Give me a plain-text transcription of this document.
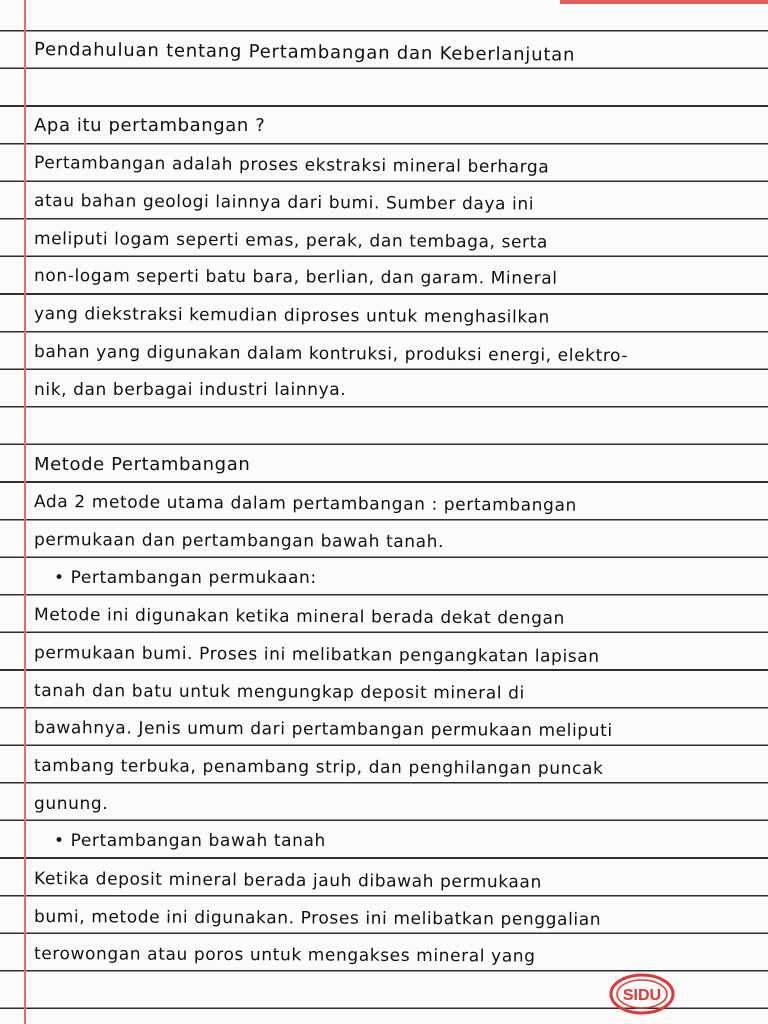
Pendahuluan tentang Pertambangan dan Keberlanjutan
Apa itu pertambangan ?
Pertambangan adalah proses ekstraksi mineral berharga
atau bahan geologi lainnya dari bumi. Sumber daya ini
meliputi logam seperti emas, perak, dan tembaga, serta
non-logam seperti batu bara, berlian, dan garam. Mineral
yang diekstraksi kemudian diproses untuk menghasilkan
bahan yang digunakan dalam kontruksi, produksi energi, elektro-
nik, dan berbagai industri lainnya.
Metode Pertambangan
Ada 2 metode utama dalam pertambangan : pertambangan
permukaan dan pertambangan bawah tanah.
• Pertambangan permukaan:
Metode ini digunakan ketika mineral berada dekat dengan
permukaan bumi. Proses ini melibatkan pengangkatan lapisan
tanah dan batu untuk mengungkap deposit mineral di
bawahnya. Jenis umum dari pertambangan permukaan meliputi
tambang terbuka, penambang strip, dan penghilangan puncak
gunung.
• Pertambangan bawah tanah
Ketika deposit mineral berada jauh dibawah permukaan
bumi, metode ini digunakan. Proses ini melibatkan penggalian
terowongan atau poros untuk mengakses mineral yang
SIDU
